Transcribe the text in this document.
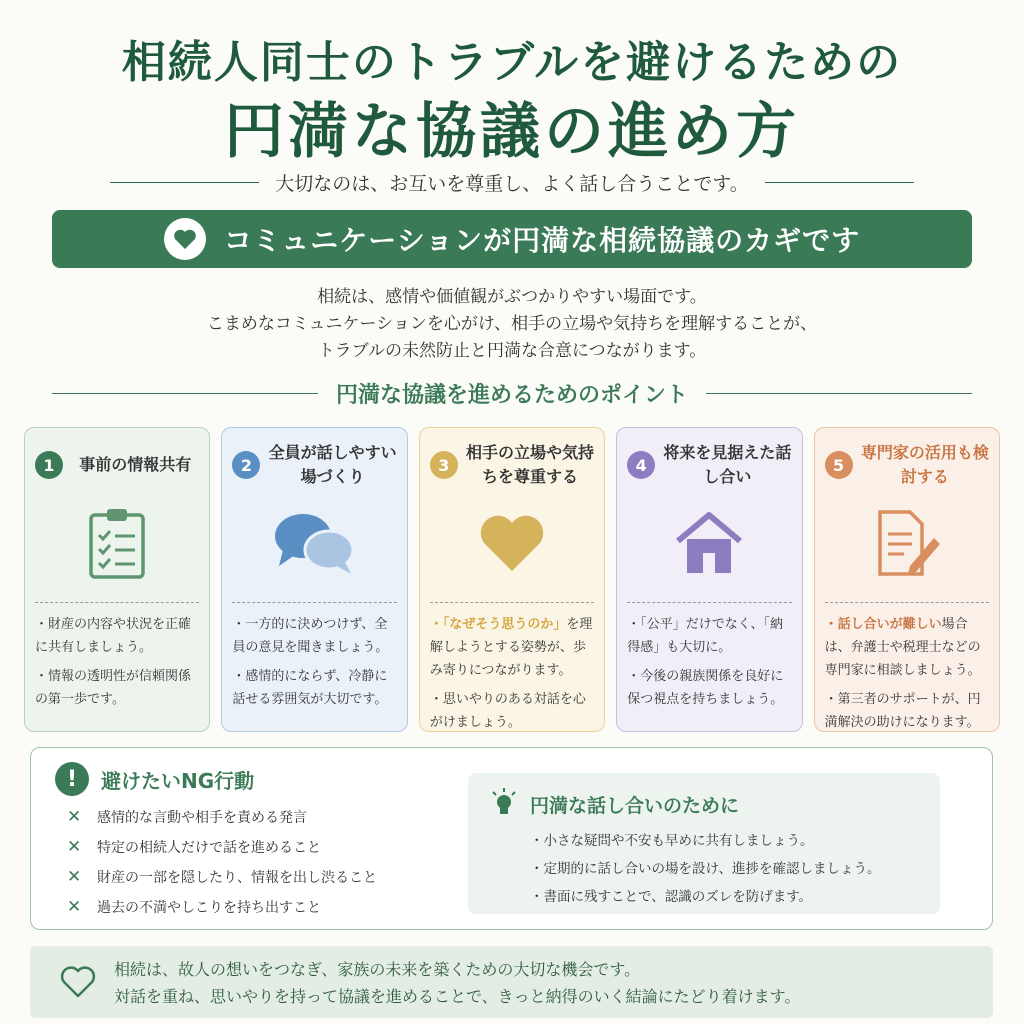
相続人同士のトラブルを避けるための
円満な協議の進め方
大切なのは、お互いを尊重し、よく話し合うことです。
コミュニケーションが円満な相続協議のカギです
相続は、感情や価値観がぶつかりやすい場面です。
こまめなコミュニケーションを心がけ、相手の立場や気持ちを理解することが、
トラブルの未然防止と円満な合意につながります。
円満な協議を進めるためのポイント
1	事前の情報共有
・財産の内容や状況を正確に共有しましょう。
・情報の透明性が信頼関係の第一歩です。
2
全員が話しやすい場づくり
・一方的に決めつけず、全員の意見を聞きましょう。
・感情的にならず、冷静に話せる雰囲気が大切です。
3
相手の立場や気持ちを尊重する
・「なぜそう思うのか」を理解しようとする姿勢が、歩み寄りにつながります。
・思いやりのある対話を心がけましょう。
4
将来を見据えた話し合い
・「公平」だけでなく、「納得感」も大切に。
・今後の親族関係を良好に保つ視点を持ちましょう。
5
専門家の活用も検討する
・話し合いが難しい場合は、弁護士や税理士などの専門家に相談しましょう。
・第三者のサポートが、円満解決の助けになります。
!	避けたいNG行動
✕ 感情的な言動や相手を責める発言
✕ 特定の相続人だけで話を進めること
✕ 財産の一部を隠したり、情報を出し渋ること
✕ 過去の不満やしこりを持ち出すこと
円満な話し合いのために
・小さな疑問や不安も早めに共有しましょう。
・定期的に話し合いの場を設け、進捗を確認しましょう。
・書面に残すことで、認識のズレを防げます。
相続は、故人の想いをつなぎ、家族の未来を築くための大切な機会です。
対話を重ね、思いやりを持って協議を進めることで、きっと納得のいく結論にたどり着けます。
